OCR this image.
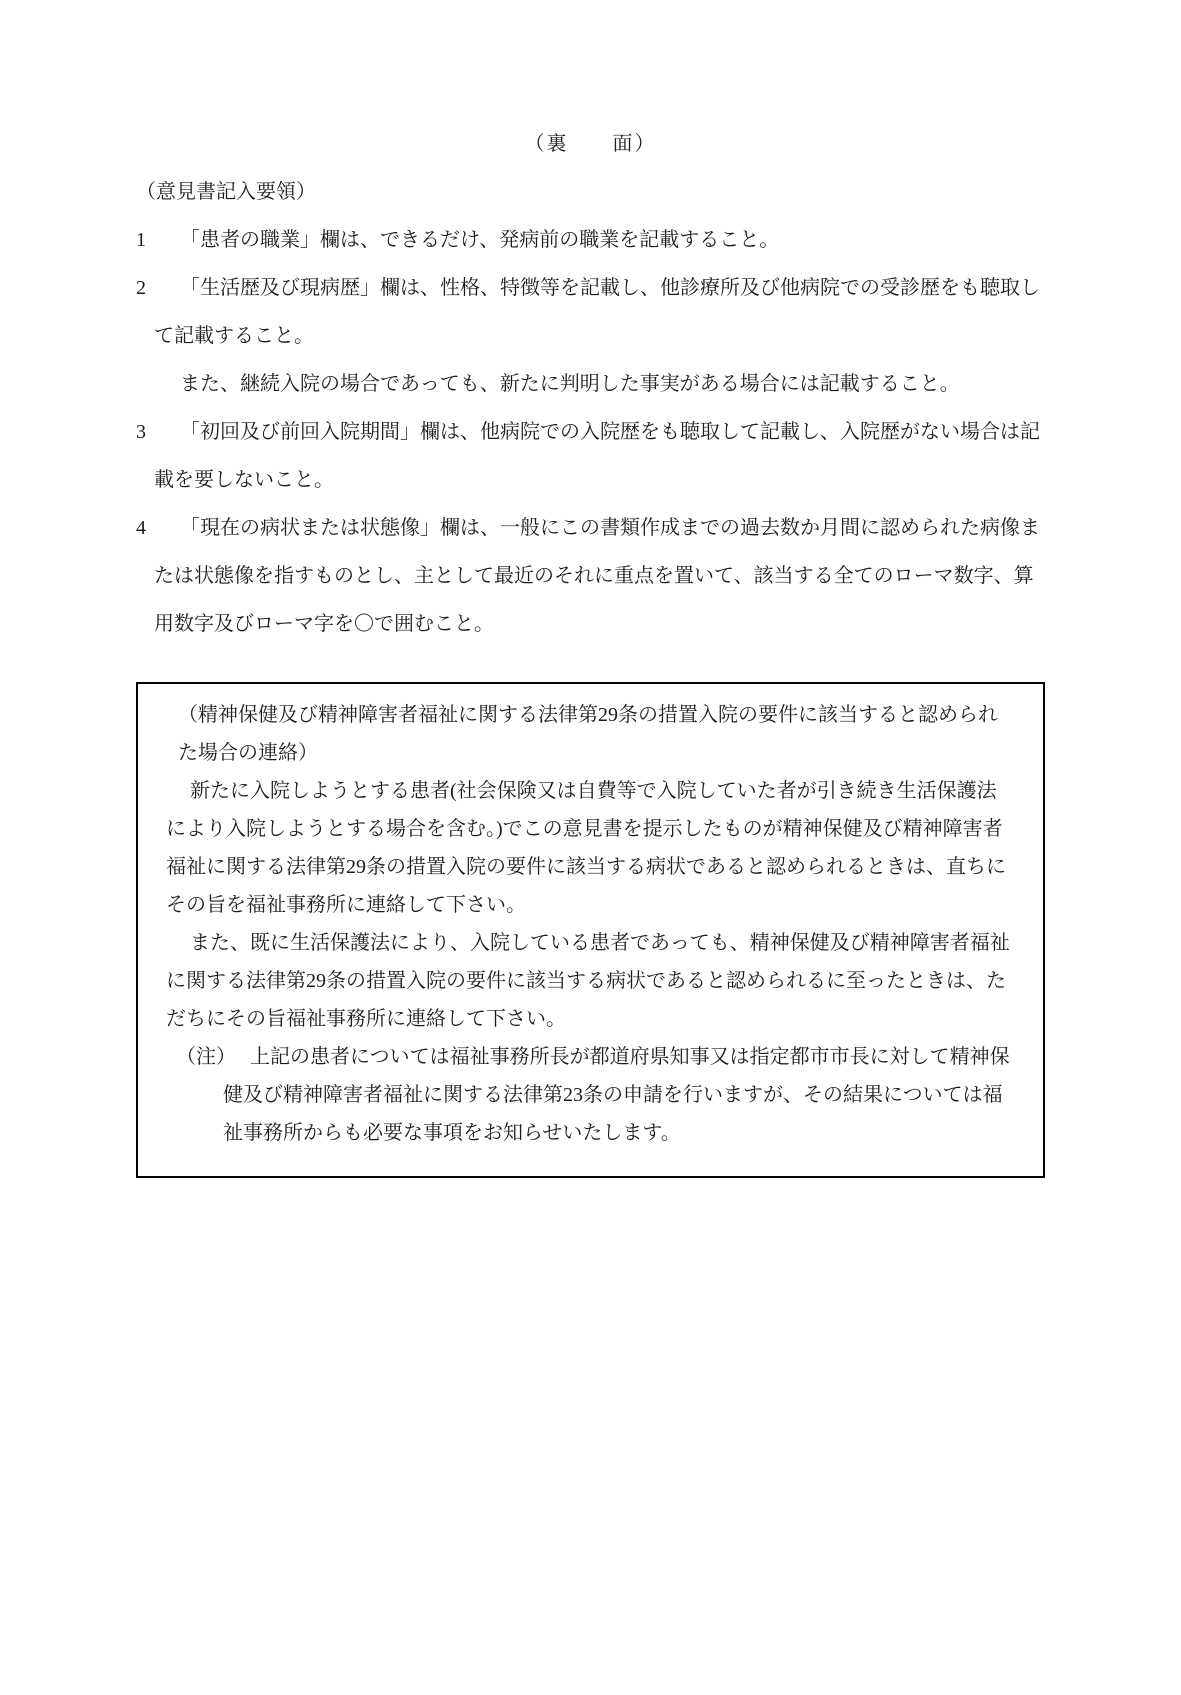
（裏　　面）

（意見書記入要領）

1 「患者の職業」欄は、できるだけ、発病前の職業を記載すること。

2 「生活歴及び現病歴」欄は、性格、特徴等を記載し、他診療所及び他病院での受診歴をも聴取して記載すること。

また、継続入院の場合であっても、新たに判明した事実がある場合には記載すること。

3 「初回及び前回入院期間」欄は、他病院での入院歴をも聴取して記載し、入院歴がない場合は記載を要しないこと。

4 「現在の病状または状態像」欄は、一般にこの書類作成までの過去数か月間に認められた病像または状態像を指すものとし、主として最近のそれに重点を置いて、該当する全てのローマ数字、算用数字及びローマ字を〇で囲むこと。

（精神保健及び精神障害者福祉に関する法律第29条の措置入院の要件に該当すると認められた場合の連絡）

新たに入院しようとする患者(社会保険又は自費等で入院していた者が引き続き生活保護法により入院しようとする場合を含む。)でこの意見書を提示したものが精神保健及び精神障害者福祉に関する法律第29条の措置入院の要件に該当する病状であると認められるときは、直ちにその旨を福祉事務所に連絡して下さい。

また、既に生活保護法により、入院している患者であっても、精神保健及び精神障害者福祉に関する法律第29条の措置入院の要件に該当する病状であると認められるに至ったときは、ただちにその旨福祉事務所に連絡して下さい。

（注） 上記の患者については福祉事務所長が都道府県知事又は指定都市市長に対して精神保健及び精神障害者福祉に関する法律第23条の申請を行いますが、その結果については福祉事務所からも必要な事項をお知らせいたします。
